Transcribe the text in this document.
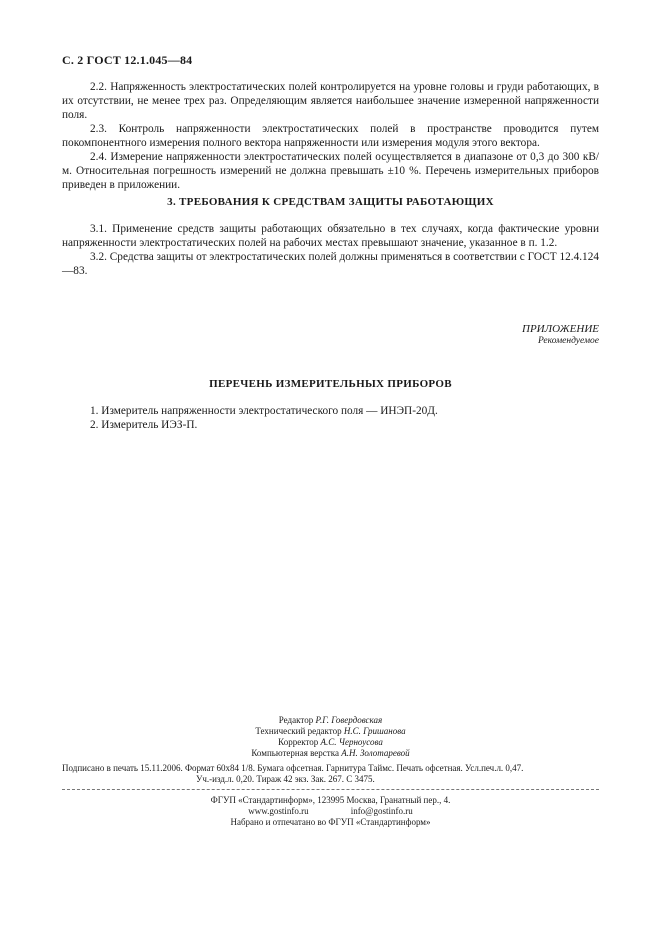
С. 2 ГОСТ 12.1.045—84

2.2. Напряженность электростатических полей контролируется на уровне головы и груди работающих, в их отсутствии, не менее трех раз. Определяющим является наибольшее значение измеренной напряженности поля.

2.3. Контроль напряженности электростатических полей в пространстве проводится путем покомпонентного измерения полного вектора напряженности или измерения модуля этого вектора.

2.4. Измерение напряженности электростатических полей осуществляется в диапазоне от 0,3 до 300 кВ/м. Относительная погрешность измерений не должна превышать ±10 %. Перечень измерительных приборов приведен в приложении.

3. ТРЕБОВАНИЯ К СРЕДСТВАМ ЗАЩИТЫ РАБОТАЮЩИХ

3.1. Применение средств защиты работающих обязательно в тех случаях, когда фактические уровни напряженности электростатических полей на рабочих местах превышают значение, указанное в п. 1.2.

3.2. Средства защиты от электростатических полей должны применяться в соответствии с ГОСТ 12.4.124—83.

ПРИЛОЖЕНИЕ
Рекомендуемое
ПЕРЕЧЕНЬ ИЗМЕРИТЕЛЬНЫХ ПРИБОРОВ
1. Измеритель напряженности электростатического поля — ИНЭП-20Д.
2. Измеритель ИЭЗ-П.
Редактор Р.Г. Говердовская
Технический редактор Н.С. Гришанова
Корректор А.С. Черноусова
Компьютерная верстка А.Н. Золотаревой
Подписано в печать 15.11.2006. Формат 60х84 1/8. Бумага офсетная. Гарнитура Таймс. Печать офсетная. Усл.печ.л. 0,47.
Уч.-изд.л. 0,20. Тираж 42 экз. Зак. 267. С 3475.
ФГУП «Стандартинформ», 123995 Москва, Гранатный пер., 4.
www.gostinfo.ru	info@gostinfo.ru
Набрано и отпечатано во ФГУП «Стандартинформ»
